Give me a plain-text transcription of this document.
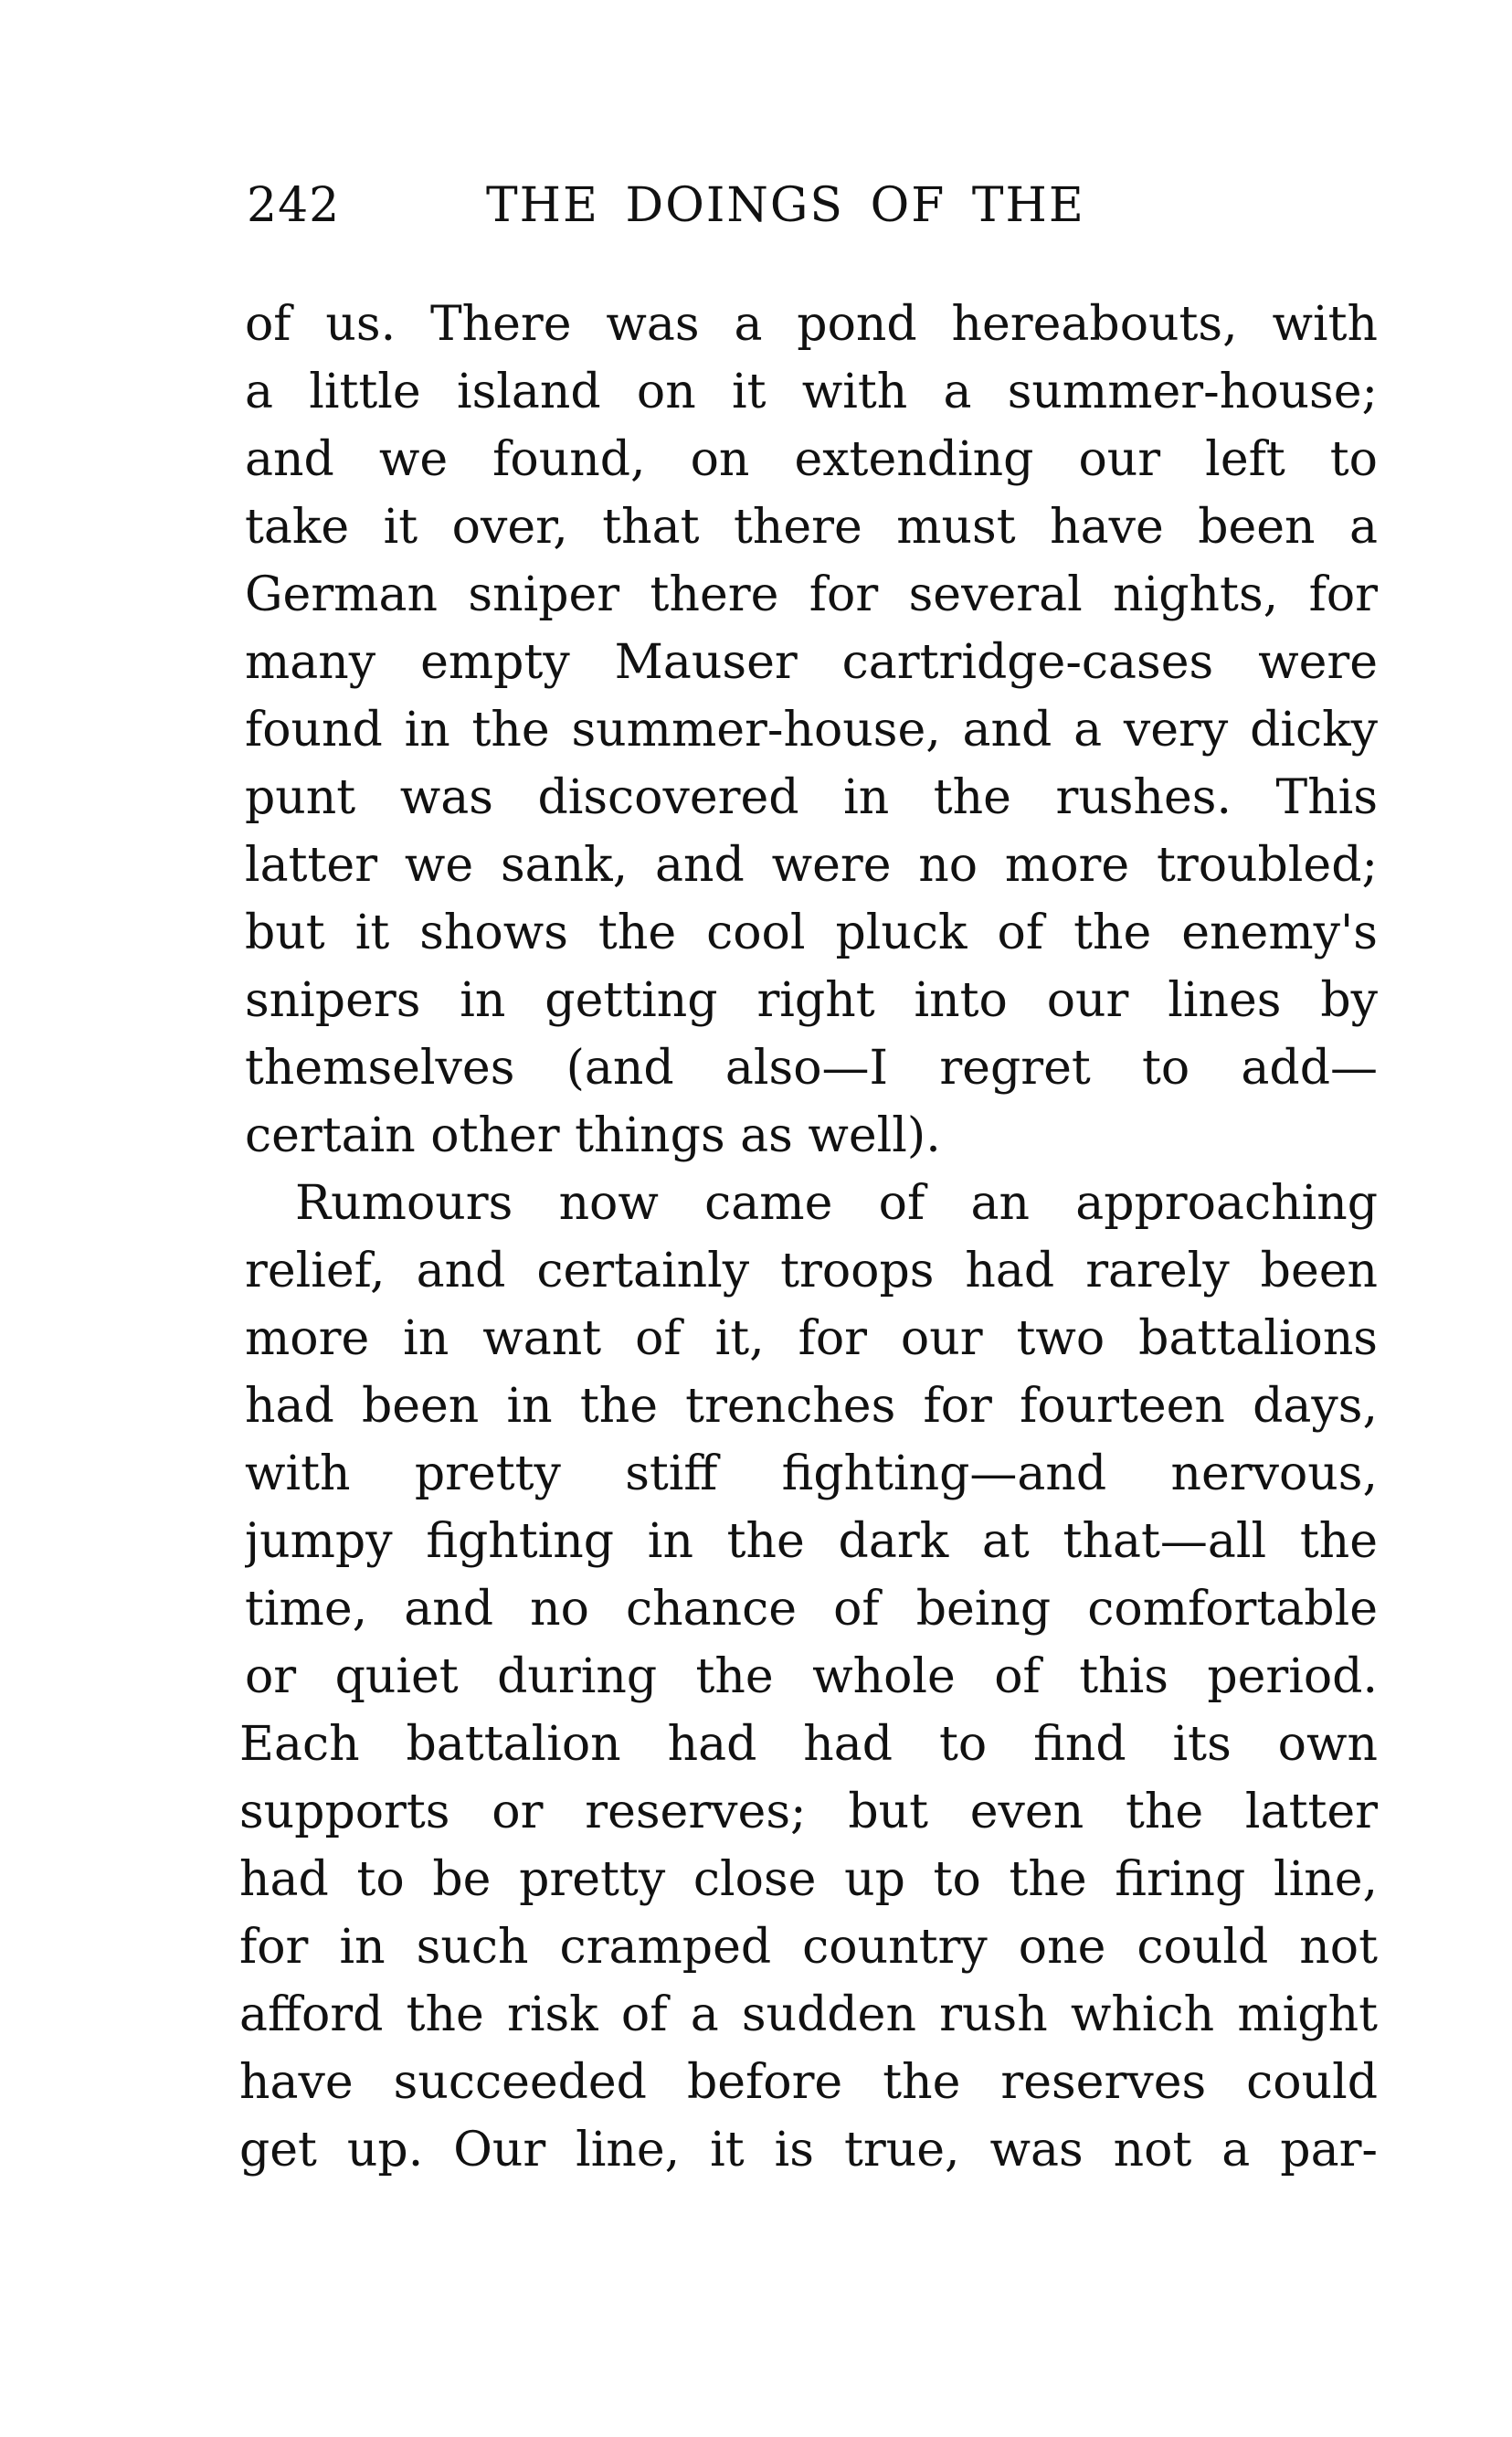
242	THE DOINGS OF THE
of us. There was a pond hereabouts, with
a little island on it with a summer-house;
and we found, on extending our left to
take it over, that there must have been a
German sniper there for several nights, for
many empty Mauser cartridge-cases were
found in the summer-house, and a very dicky
punt was discovered in the rushes. This
latter we sank, and were no more troubled;
but it shows the cool pluck of the enemy's
snipers in getting right into our lines by
themselves (and also—I regret to add—
certain other things as well).
Rumours now came of an approaching
relief, and certainly troops had rarely been
more in want of it, for our two battalions
had been in the trenches for fourteen days,
with pretty stiff fighting—and nervous,
jumpy fighting in the dark at that—all the
time, and no chance of being comfortable
or quiet during the whole of this period.
Each battalion had had to find its own
supports or reserves; but even the latter
had to be pretty close up to the firing line,
for in such cramped country one could not
afford the risk of a sudden rush which might
have succeeded before the reserves could
get up. Our line, it is true, was not a par-
